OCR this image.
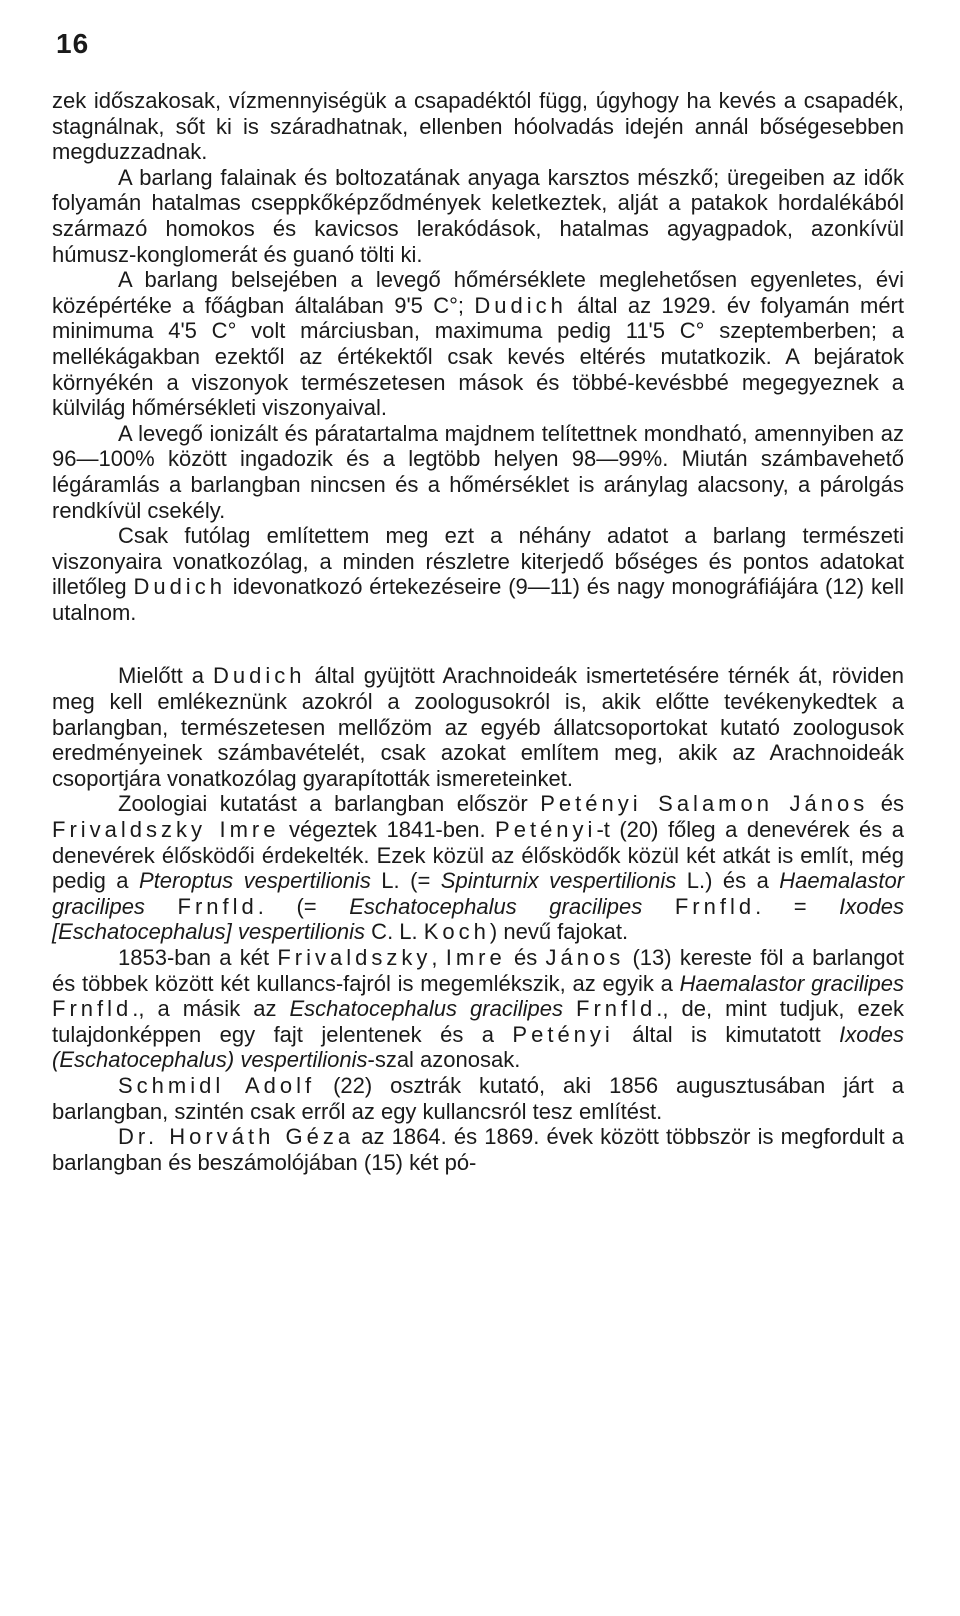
16

zek időszakosak, vízmennyiségük a csapadéktól függ, úgyhogy ha kevés a csapadék, stagnálnak, sőt ki is száradhatnak, ellenben hóolvadás idején annál bőségesebben megduzzadnak.

A barlang falainak és boltozatának anyaga karsztos mészkő; üregeiben az idők folyamán hatalmas cseppkőképződmények keletkeztek, alját a patakok hordalékából származó homokos és kavicsos lerakódások, hatalmas agyagpadok, azonkívül húmusz-konglomerát és guanó tölti ki.

A barlang belsejében a levegő hőmérséklete meglehetősen egyenletes, évi középértéke a főágban általában 9'5 C°; Dudich által az 1929. év folyamán mért minimuma 4'5 C° volt márciusban, maximuma pedig 11'5 C° szeptemberben; a mellékágakban ezektől az értékektől csak kevés eltérés mutatkozik. A bejáratok környékén a viszonyok természetesen mások és többé-kevésbbé megegyeznek a külvilág hőmérsékleti viszonyaival.

A levegő ionizált és páratartalma majdnem telítettnek mondható, amennyiben az 96—100% között ingadozik és a legtöbb helyen 98—99%. Miután számbavehető légáramlás a barlangban nincsen és a hőmérséklet is aránylag alacsony, a párolgás rendkívül csekély.

Csak futólag említettem meg ezt a néhány adatot a barlang természeti viszonyaira vonatkozólag, a minden részletre kiterjedő bőséges és pontos adatokat illetőleg Dudich idevonatkozó értekezéseire (9—11) és nagy monográfiájára (12) kell utalnom.

Mielőtt a Dudich által gyüjtött Arachnoideák ismertetésére térnék át, röviden meg kell emlékeznünk azokról a zoologusokról is, akik előtte tevékenykedtek a barlangban, természetesen mellőzöm az egyéb állatcsoportokat kutató zoologusok eredményeinek számbavételét, csak azokat említem meg, akik az Arachnoideák csoportjára vonatkozólag gyarapították ismereteinket.

Zoologiai kutatást a barlangban először Petényi Salamon János és Frivaldszky Imre végeztek 1841-ben. Petényi-t (20) főleg a denevérek és a denevérek élősködői érdekelték. Ezek közül az élősködők közül két atkát is említ, még pedig a Pteroptus vespertilionis L. (= Spinturnix vespertilionis L.) és a Haemalastor gracilipes Frnfld. (= Eschatocephalus gracilipes Frnfld. = Ixodes [Eschatocephalus] vespertilionis C. L. Koch) nevű fajokat.

1853-ban a két Frivaldszky, Imre és János (13) kereste föl a barlangot és többek között két kullancs-fajról is megemlékszik, az egyik a Haemalastor gracilipes Frnfld., a másik az Eschatocephalus gracilipes Frnfld., de, mint tudjuk, ezek tulajdonképpen egy fajt jelentenek és a Petényi által is kimutatott Ixodes (Eschatocephalus) vespertilionis-szal azonosak.

Schmidl Adolf (22) osztrák kutató, aki 1856 augusztusában járt a barlangban, szintén csak erről az egy kullancsról tesz említést.

Dr. Horváth Géza az 1864. és 1869. évek között többször is megfordult a barlangban és beszámolójában (15) két pó-
